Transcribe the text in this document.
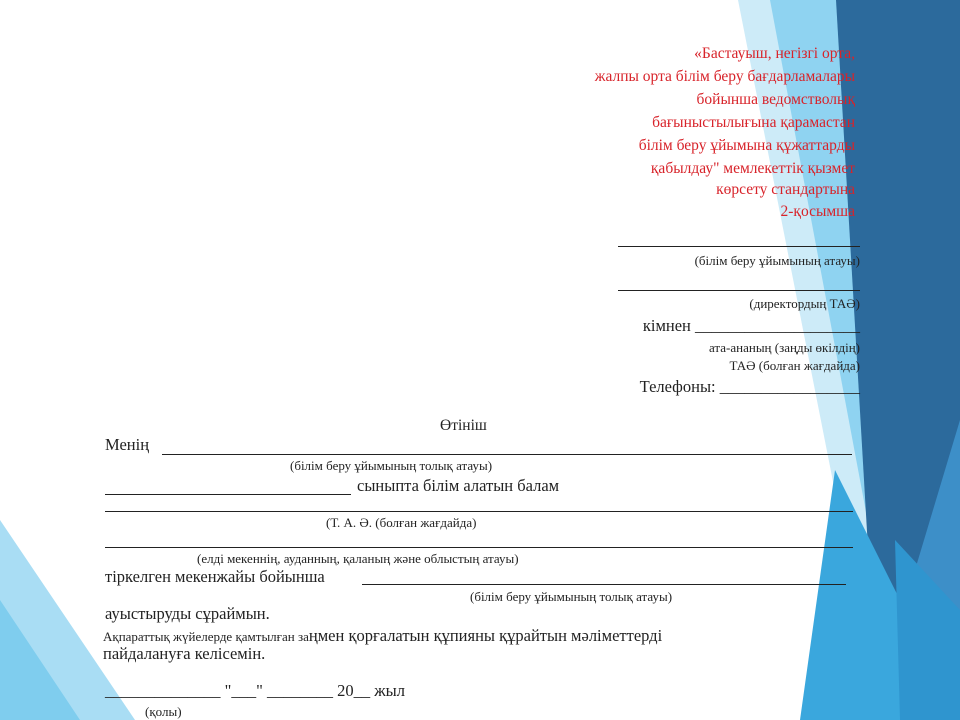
«Бастауыш, негізгі орта,
жалпы орта білім беру бағдарламалары
бойынша ведомстволық
бағыныстылығына қарамастан
білім беру ұйымына құжаттарды
қабылдау" мемлекеттік қызмет
көрсету стандартына
2-қосымша
(білім беру ұйымының атауы)
(директордың ТАӘ)
кімнен ____________________
ата-ананың (заңды өкілдің)
ТАӘ (болған жағдайда)
Телефоны: _________________
Өтініш
Менің
(білім беру ұйымының толық атауы)
сыныпта білім алатын балам
(Т. А. Ә. (болған жағдайда)
(елді мекеннің, ауданның, қаланың және облыстың атауы)
тіркелген мекенжайы бойынша
(білім беру ұйымының толық атауы)
ауыстыруды сұраймын.
Ақпараттық жүйелерде қамтылған заңмен қорғалатын құпияны құрайтын мәліметтерді
пайдалануға келісемін.
______________ "___" ________ 20__ жыл
(қолы)
